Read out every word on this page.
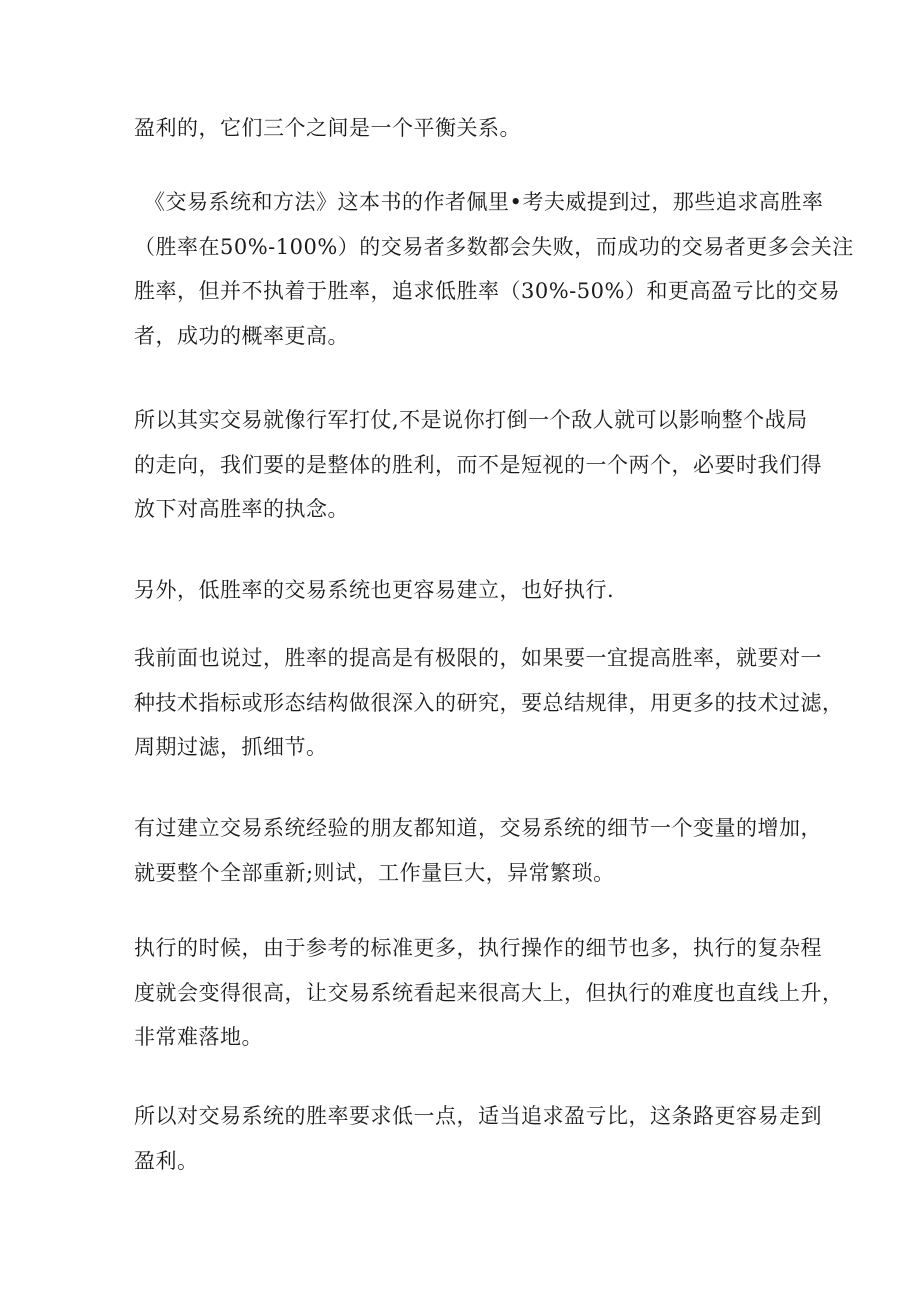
盈利的，它们三个之间是一个平衡关系。

《交易系统和方法》这本书的作者佩里•考夫威提到过，那些追求高胜率
（胜率在50%-100%）的交易者多数都会失败，而成功的交易者更多会关注
胜率，但并不执着于胜率，追求低胜率（30%-50%）和更高盈亏比的交易
者，成功的概率更高。

所以其实交易就像行军打仗,不是说你打倒一个敌人就可以影响整个战局
的走向，我们要的是整体的胜利，而不是短视的一个两个，必要时我们得
放下对高胜率的执念。

另外，低胜率的交易系统也更容易建立，也好执行.

我前面也说过，胜率的提高是有极限的，如果要一宜提高胜率，就要对一
种技术指标或形态结构做很深入的研究，要总结规律，用更多的技术过滤，
周期过滤，抓细节。

有过建立交易系统经验的朋友都知道，交易系统的细节一个变量的增加，
就要整个全部重新;则试，工作量巨大，异常繁琐。

执行的时候，由于参考的标准更多，执行操作的细节也多，执行的复杂程
度就会变得很高，让交易系统看起来很高大上，但执行的难度也直线上升，
非常难落地。

所以对交易系统的胜率要求低一点，适当追求盈亏比，这条路更容易走到
盈利。
